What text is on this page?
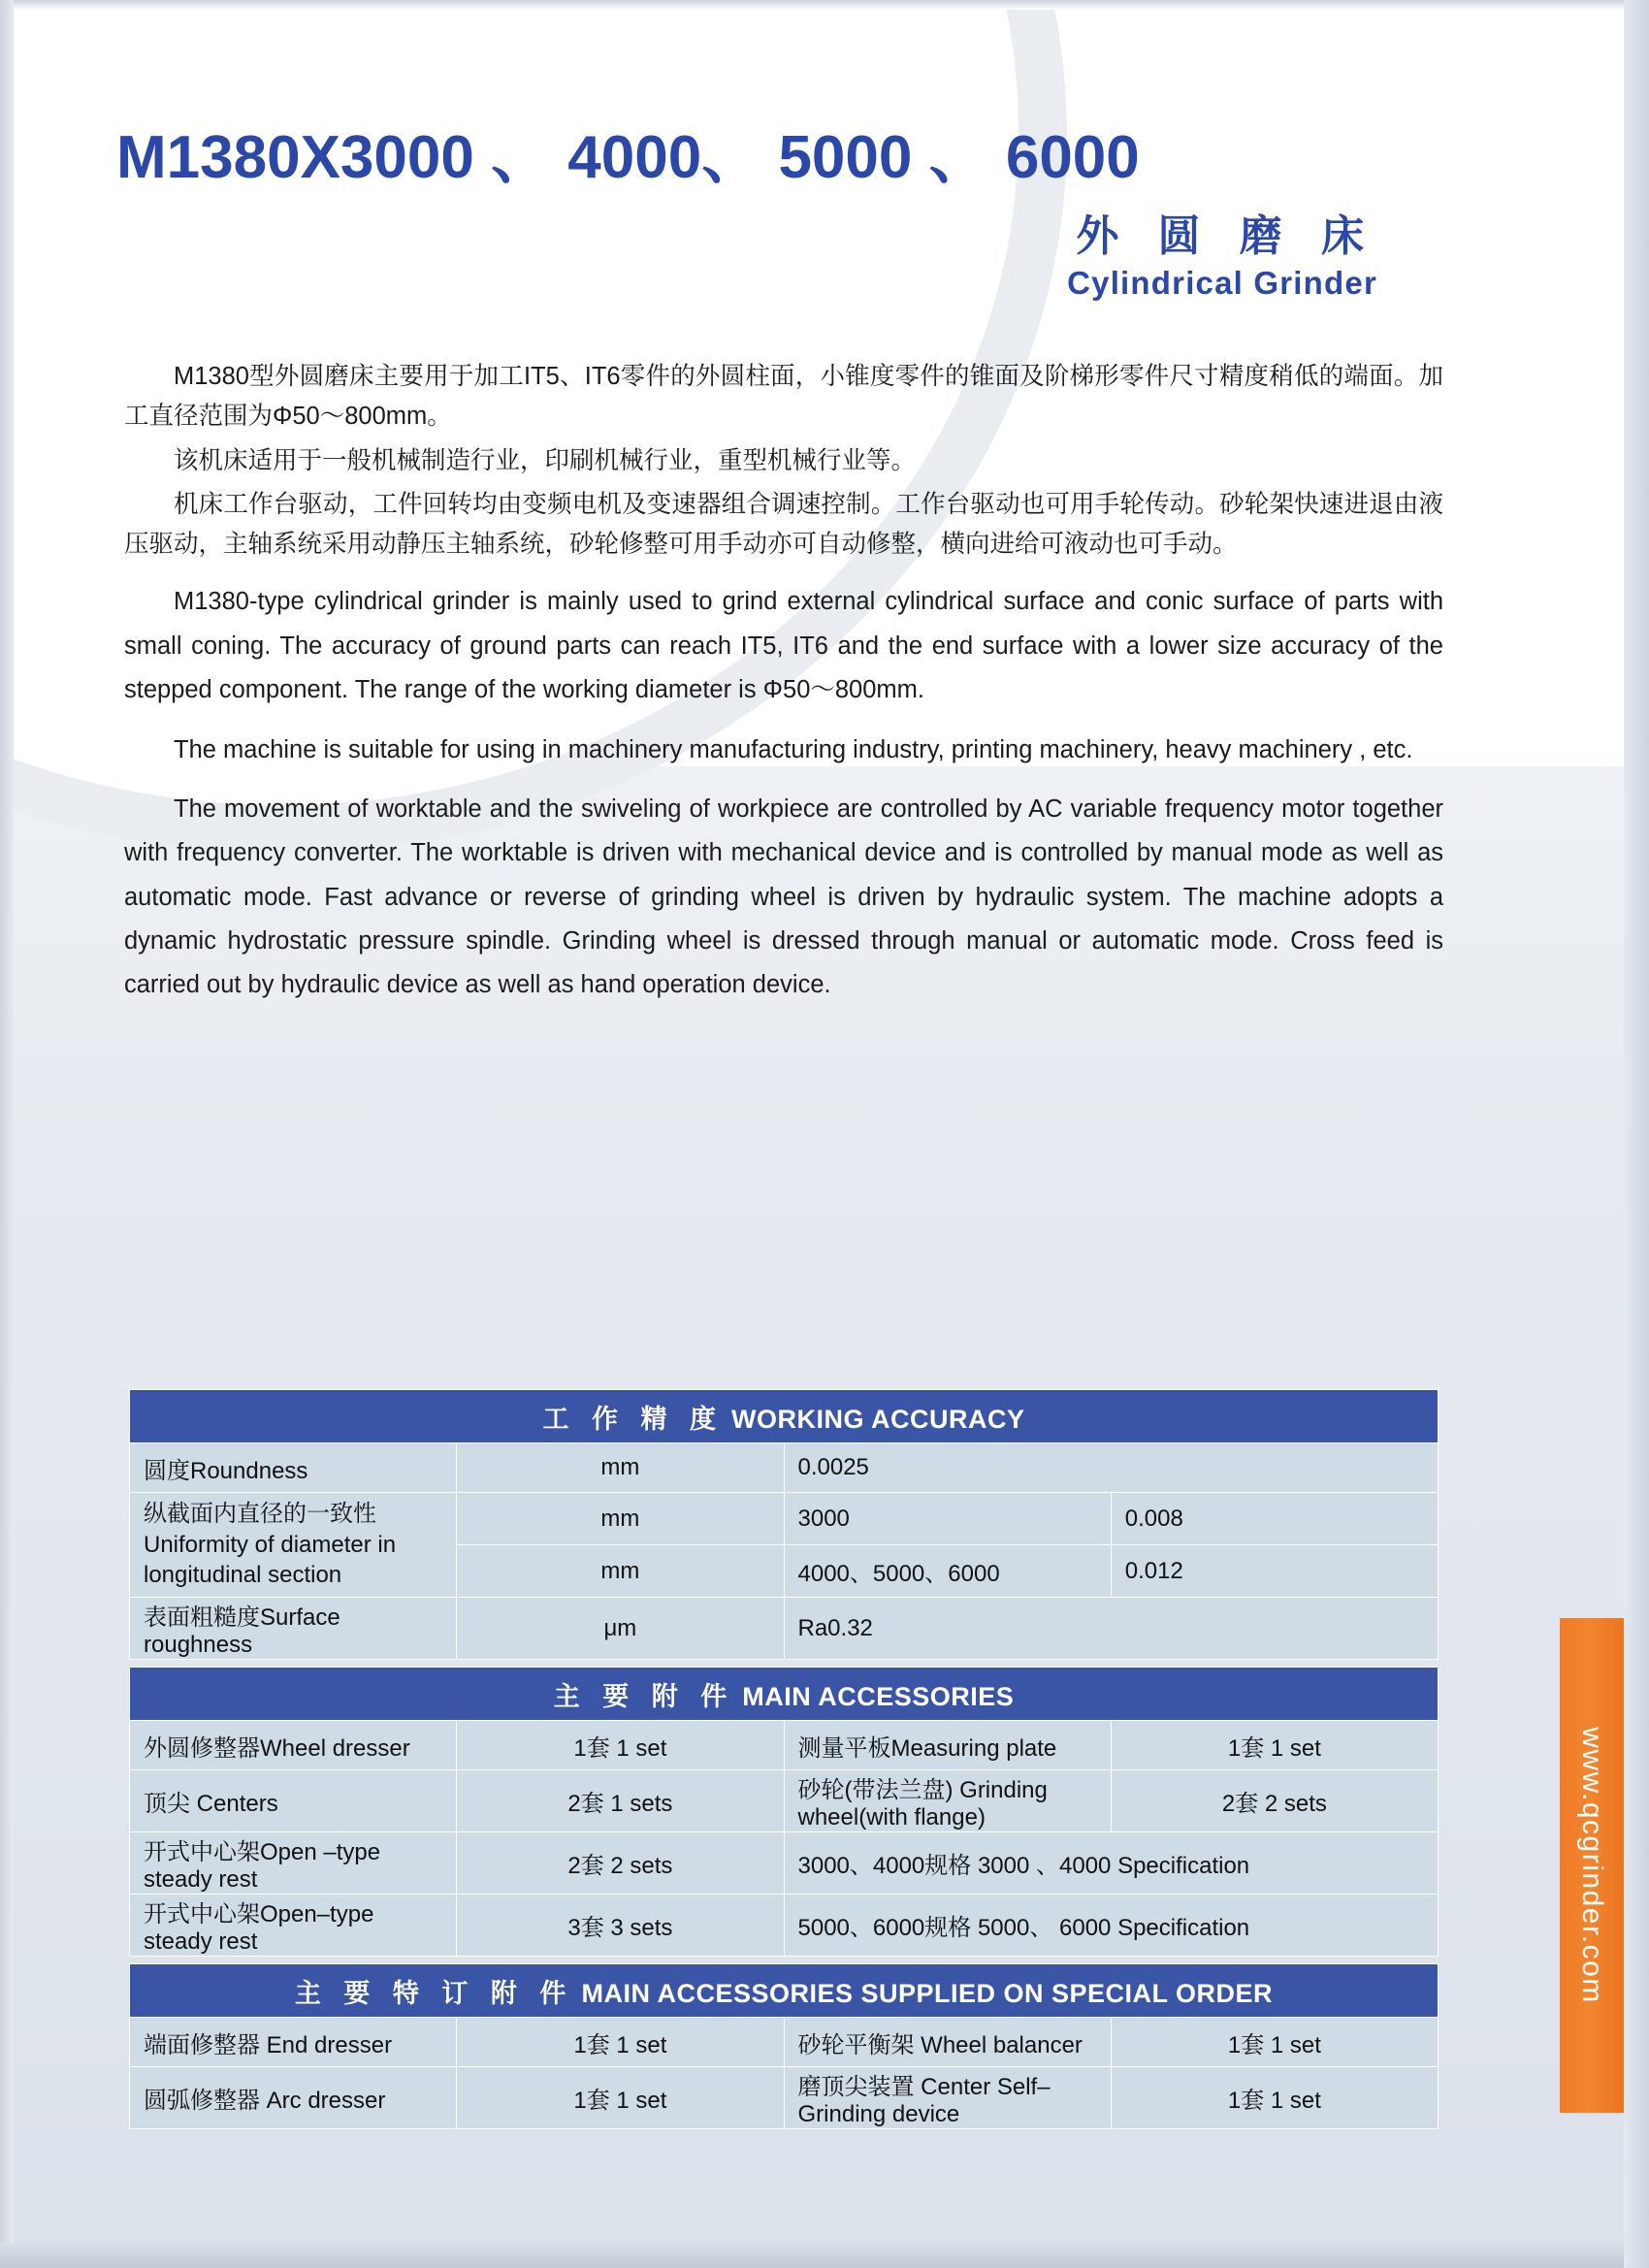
M1380X3000 、 4000、 5000 、 6000
外 圆 磨 床
Cylindrical Grinder

M1380型外圆磨床主要用于加工IT5、IT6零件的外圆柱面，小锥度零件的锥面及阶梯形零件尺寸精度稍低的端面。加工直径范围为Φ50～800mm。

该机床适用于一般机械制造行业，印刷机械行业，重型机械行业等。

机床工作台驱动，工件回转均由变频电机及变速器组合调速控制。工作台驱动也可用手轮传动。砂轮架快速进退由液压驱动，主轴系统采用动静压主轴系统，砂轮修整可用手动亦可自动修整，横向进给可液动也可手动。

M1380-type cylindrical grinder is mainly used to grind external cylindrical surface and conic surface of parts with small coning. The accuracy of ground parts can reach IT5, IT6 and the end surface with a lower size accuracy of the stepped component. The range of the working diameter is Φ50～800mm.

The machine is suitable for using in machinery manufacturing industry, printing machinery, heavy machinery , etc.

The movement of worktable and the swiveling of workpiece are controlled by AC variable frequency motor together with frequency converter. The worktable is driven with mechanical device and is controlled by manual mode as well as automatic mode. Fast advance or reverse of grinding wheel is driven by hydraulic system. The machine adopts a dynamic hydrostatic pressure spindle. Grinding wheel is dressed through manual or automatic mode. Cross feed is carried out by hydraulic device as well as hand operation device.

工 作 精 度 WORKING ACCURACY			
圆度Roundness	mm	0.0025	

纵截面内直径的一致性
Uniformity of diameter in longitudinal section	mm	3000	0.008
	mm	4000、5000、6000	0.012
表面粗糙度Surface roughness	μm	Ra0.32	
主 要 附 件 MAIN ACCESSORIES			
外圆修整器Wheel dresser	1套 1 set	测量平板Measuring plate	1套 1 set
顶尖 Centers	2套 1 sets	砂轮(带法兰盘) Grinding wheel(with flange)	2套 2 sets
开式中心架Open –type steady rest	2套 2 sets	3000、4000规格 3000 、4000 Specification	
开式中心架Open–type steady rest	3套 3 sets	5000、6000规格 5000、 6000 Specification	
主 要 特 订 附 件 MAIN ACCESSORIES SUPPLIED ON SPECIAL ORDER			
端面修整器 End dresser	1套 1 set	砂轮平衡架 Wheel balancer	1套 1 set
圆弧修整器 Arc dresser	1套 1 set	磨顶尖装置 Center Self–Grinding device	1套 1 set
www.qcgrinder.com
